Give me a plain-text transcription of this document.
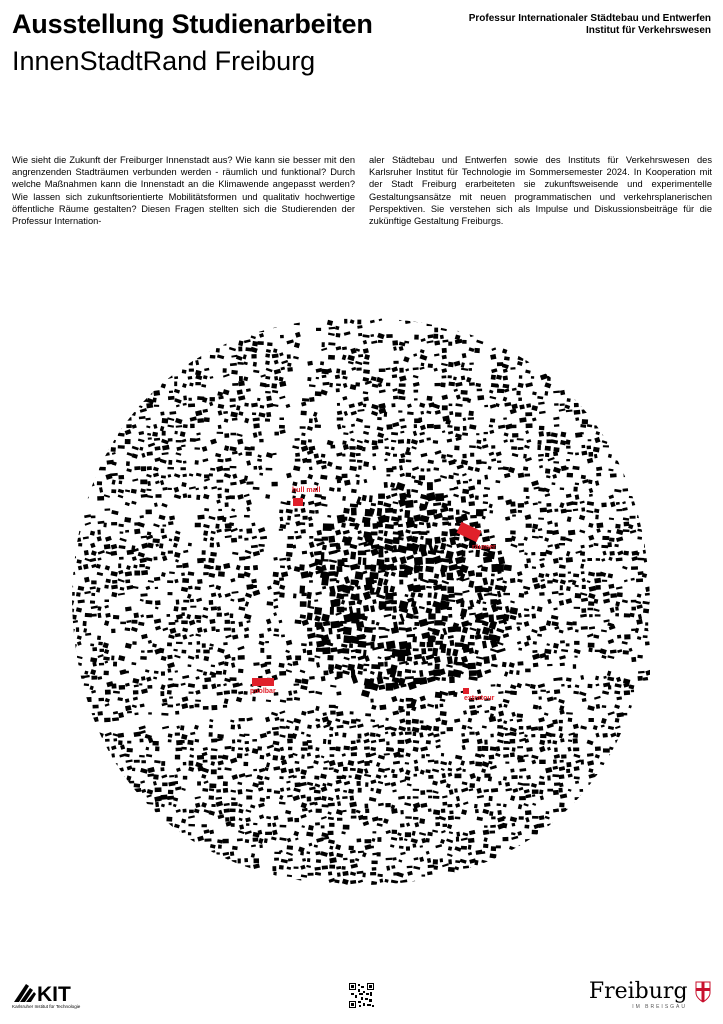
Ausstellung Studienarbeiten
InnenStadtRand Freiburg
Professur Internationaler Städtebau und Entwerfen
Institut für Verkehrswesen
Wie sieht die Zukunft der Freiburger Innenstadt aus? Wie kann sie besser mit den angrenzenden Stadträumen verbunden werden - räumlich und funktional? Durch welche Maßnahmen kann die Innenstadt an die Klimawende angepasst werden? Wie lassen sich zukunftsorientierte Mobilitätsformen und qualitativ hochwertige öffentliche Räume gestalten? Diesen Fragen stellten sich die Studierenden der Professur Internation-
aler Städtebau und Entwerfen sowie des Instituts für Verkehrswesen des Karlsruher Institut für Technologie im Sommersemester 2024. In Kooperation mit der Stadt Freiburg erarbeiteten sie zukunftsweisende und experimentelle Gestaltungsansätze mit neuen programmatischen und verkehrsplanerischen Perspektiven. Sie verstehen sich als Impulse und Diskussionsbeiträge für die zukünftige Gestaltung Freiburgs.
hull mall
räumer
poolbar
extratour
KIT
Karlsruher Institut für Technologie
Freiburg
IM BREISGAU
